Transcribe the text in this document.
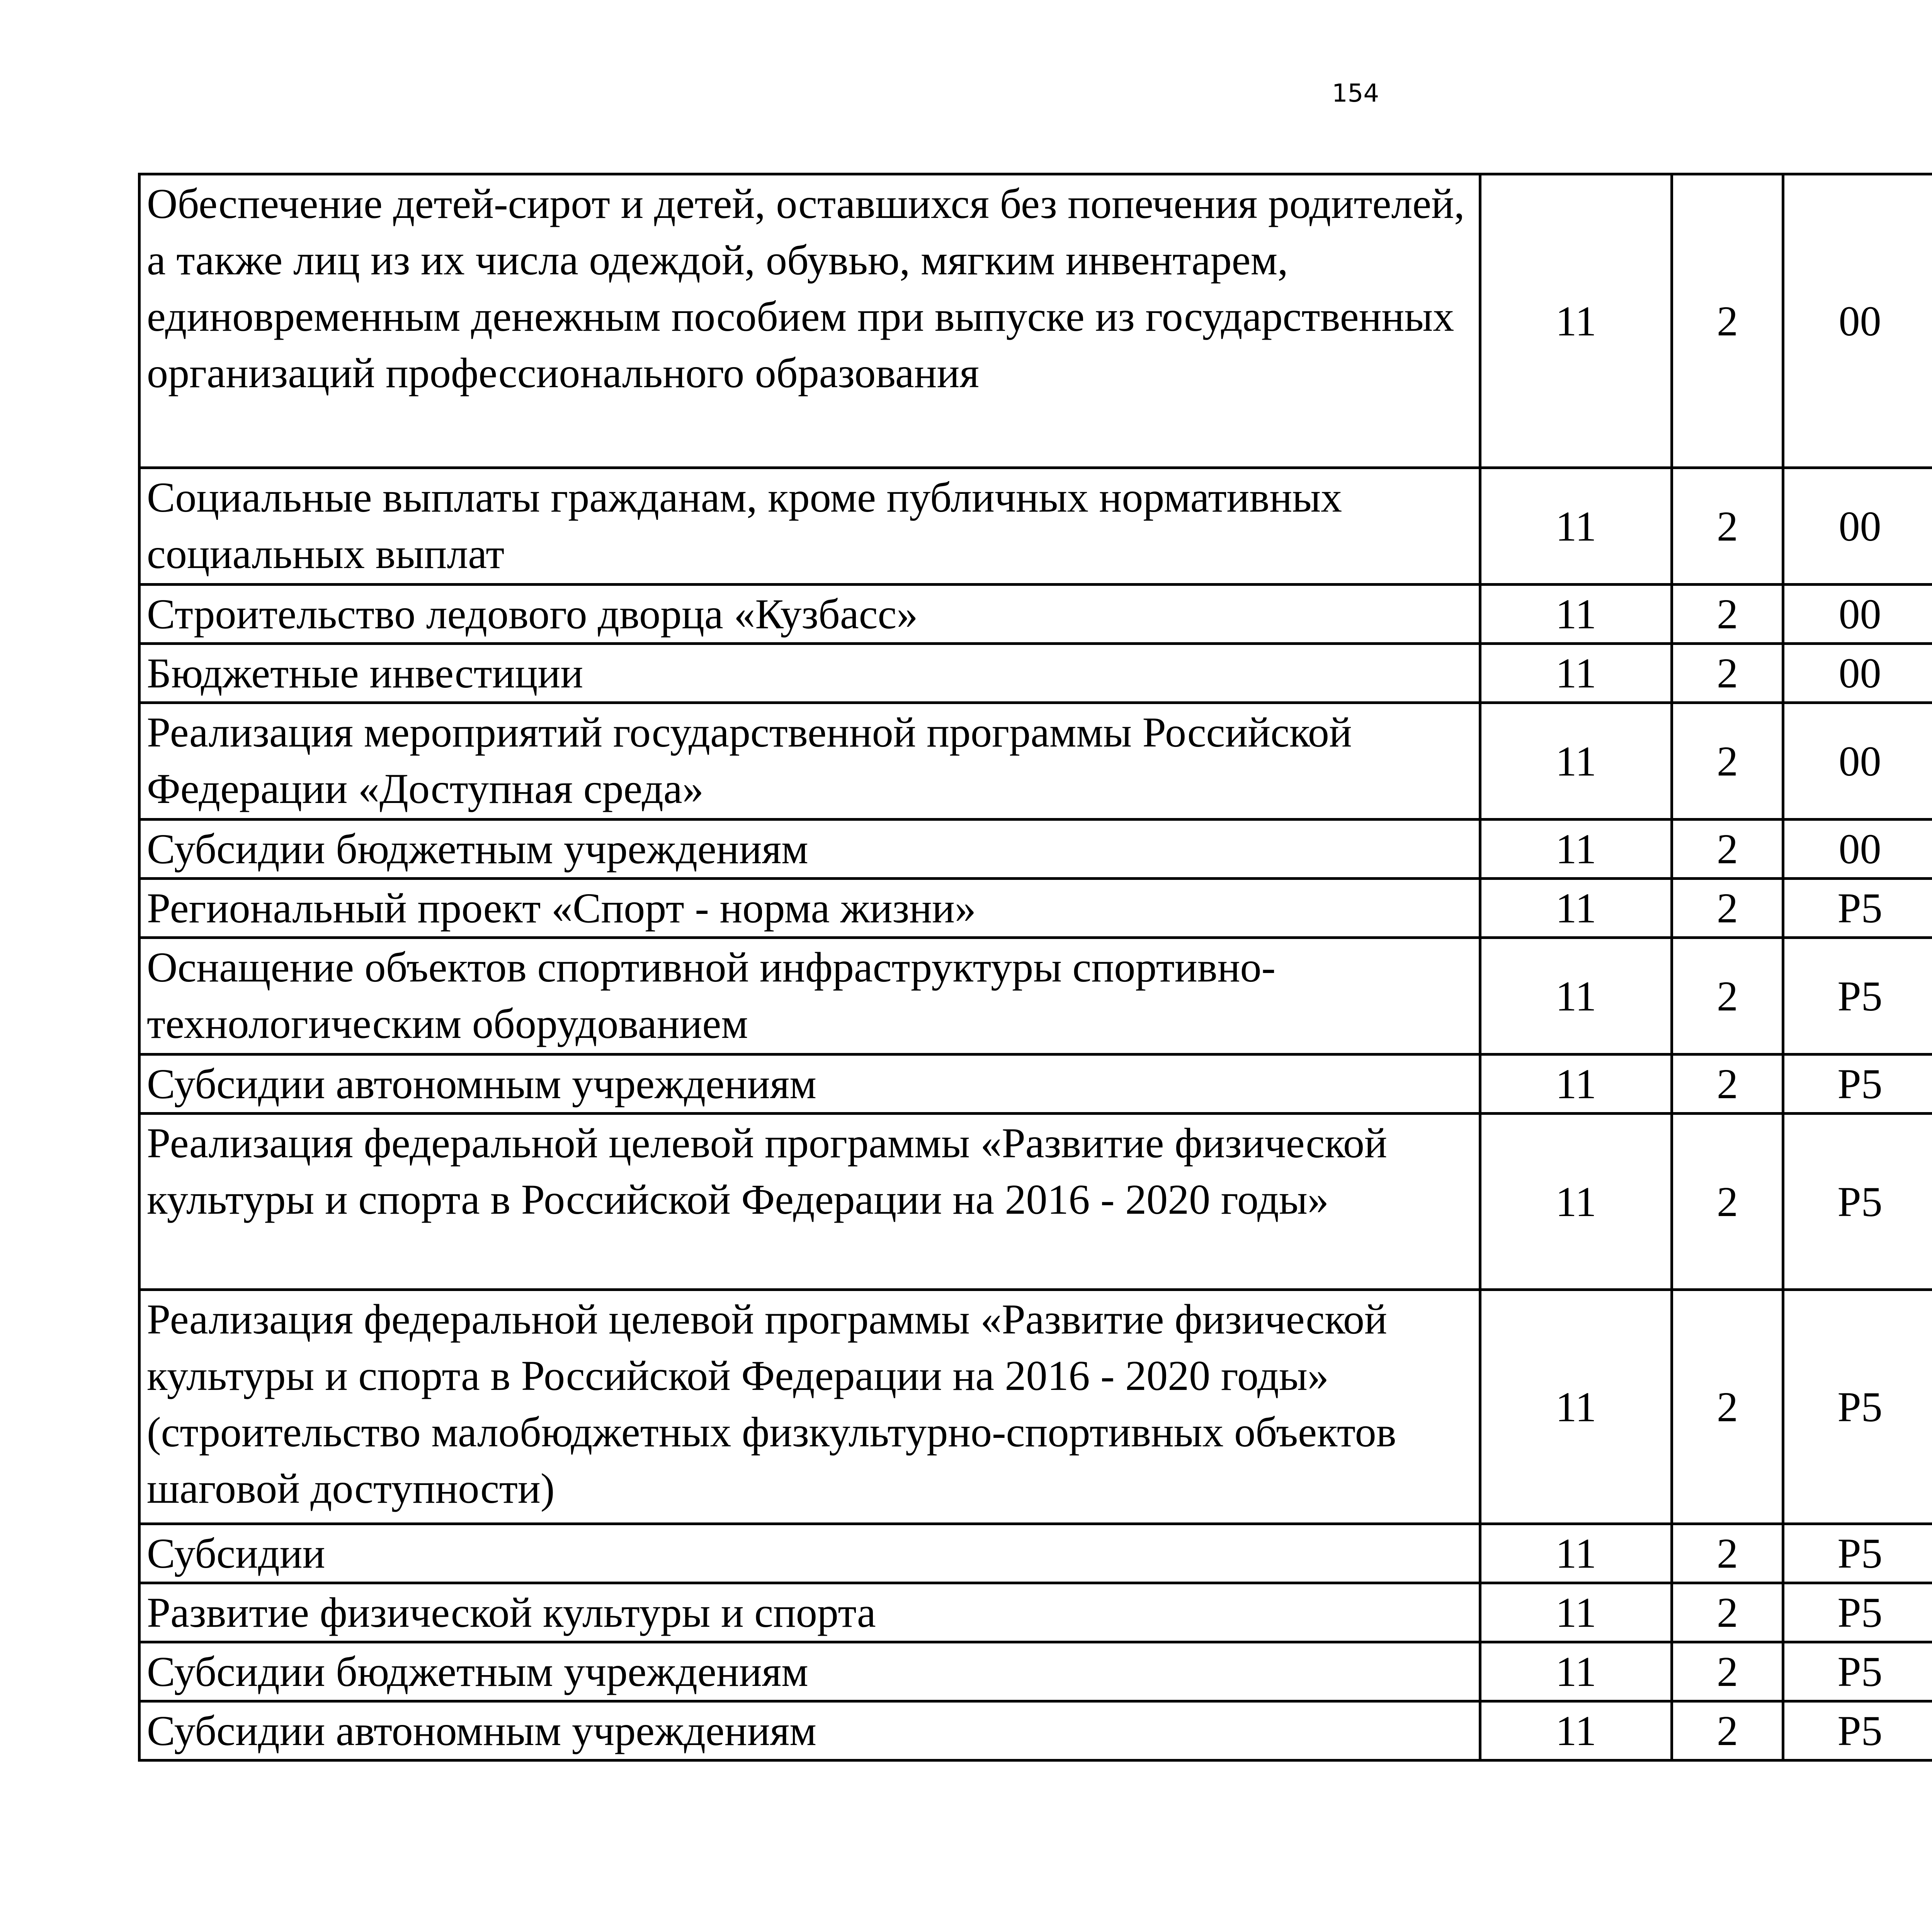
154
Обеспечение детей-сирот и детей, оставшихся без попечения родителей, а также лиц из их числа одеждой, обувью, мягким инвентарем, единовременным денежным пособием при выпуске из государственных организаций профессионального образования	11	2	00			
Социальные выплаты гражданам, кроме публичных нормативных социальных выплат	11	2	00			
Строительство ледового дворца «Кузбасс»	11	2	00			
Бюджетные инвестиции	11	2	00			
Реализация мероприятий государственной программы Российской Федерации «Доступная среда»	11	2	00			
Субсидии бюджетным учреждениям	11	2	00			
Региональный проект «Спорт - норма жизни»	11	2	P5			
Оснащение объектов спортивной инфраструктуры спортивно-технологическим оборудованием	11	2	P5			
Субсидии автономным учреждениям	11	2	P5			
Реализация федеральной целевой программы «Развитие физической культуры и спорта в Российской Федерации на 2016 - 2020 годы»	11	2	P5			
Реализация федеральной целевой программы «Развитие физической культуры и спорта в Российской Федерации на 2016 - 2020 годы» (строительство малобюджетных физкультурно-спортивных объектов шаговой доступности)	11	2	P5			
Субсидии	11	2	P5			
Развитие физической культуры и спорта	11	2	P5			
Субсидии бюджетным учреждениям	11	2	P5			
Субсидии автономным учреждениям	11	2	P5			
